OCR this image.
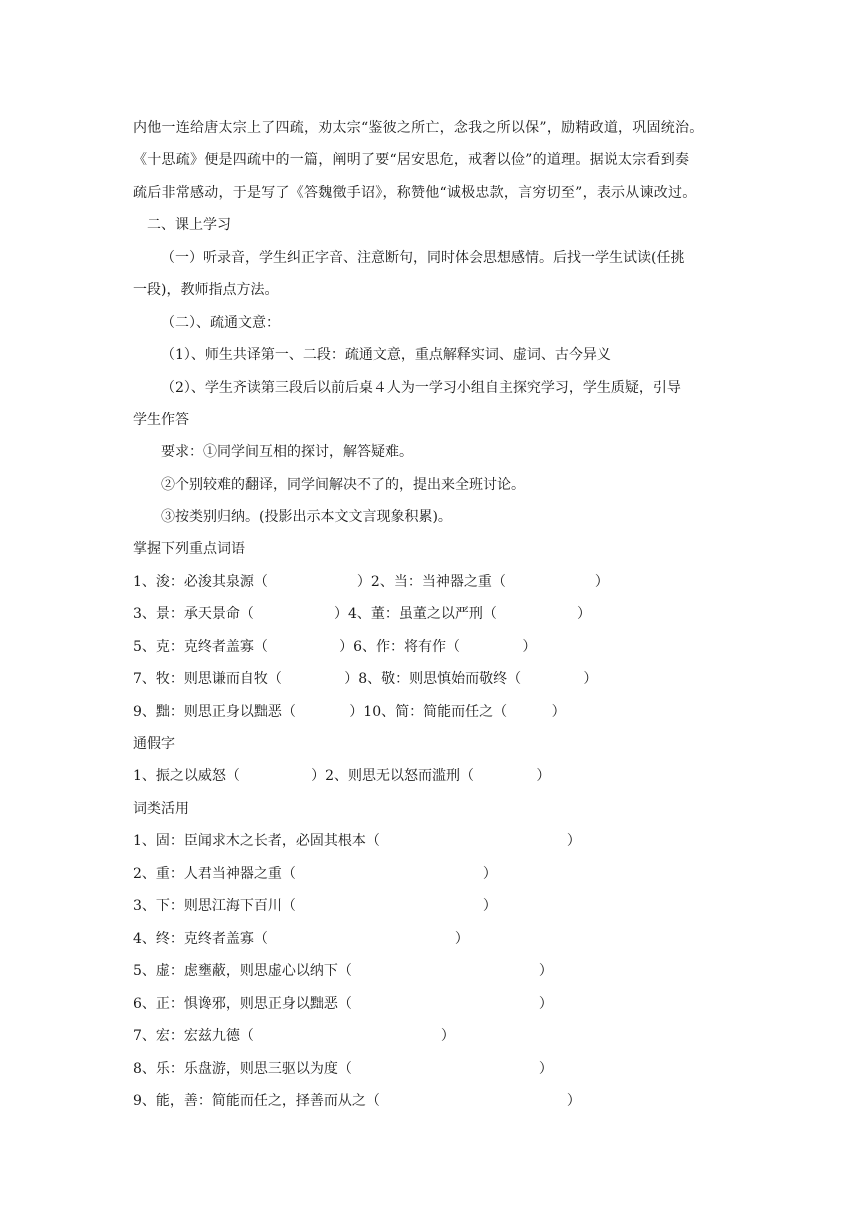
内他一连给唐太宗上了四疏，劝太宗“鉴彼之所亡，念我之所以保”，励精政道，巩固统治。
《十思疏》便是四疏中的一篇，阐明了要“居安思危，戒奢以俭”的道理。据说太宗看到奏
疏后非常感动，于是写了《答魏徵手诏》，称赞他“诚极忠款，言穷切至”，表示从谏改过。
二、课上学习
（一）听录音，学生纠正字音、注意断句，同时体会思想感情。后找一学生试读(任挑
一段)，教师指点方法。
（二）、疏通文意：
（1）、师生共译第一、二段：疏通文意，重点解释实词、虚词、古今异义
（2）、学生齐读第三段后以前后桌４人为一学习小组自主探究学习，学生质疑，引导
学生作答
要求：①同学间互相的探讨，解答疑难。
②个别较难的翻译，同学间解决不了的，提出来全班讨论。
③按类别归纳。(投影出示本文文言现象积累)。
掌握下列重点词语
1、浚：必浚其泉源（                    ）2、当：当神器之重（                    ）
3、景：承天景命（                  ）4、董：虽董之以严刑（                  ）
5、克：克终者盖寡（                ）6、作：将有作（              ）
7、牧：则思谦而自牧（              ）8、敬：则思慎始而敬终（              ）
9、黜：则思正身以黜恶（            ）10、简：简能而任之（          ）
通假字
1、振之以威怒（                ）2、则思无以怒而滥刑（              ）
词类活用
1、固：臣闻求木之长者，必固其根本（                                          ）
2、重：人君当神器之重（                                          ）
3、下：则思江海下百川（                                          ）
4、终：克终者盖寡（                                          ）
5、虚：虑壅蔽，则思虚心以纳下（                                          ）
6、正：惧谗邪，则思正身以黜恶（                                          ）
7、宏：宏兹九德（                                          ）
8、乐：乐盘游，则思三驱以为度（                                          ）
9、能，善：简能而任之，择善而从之（                                          ）
